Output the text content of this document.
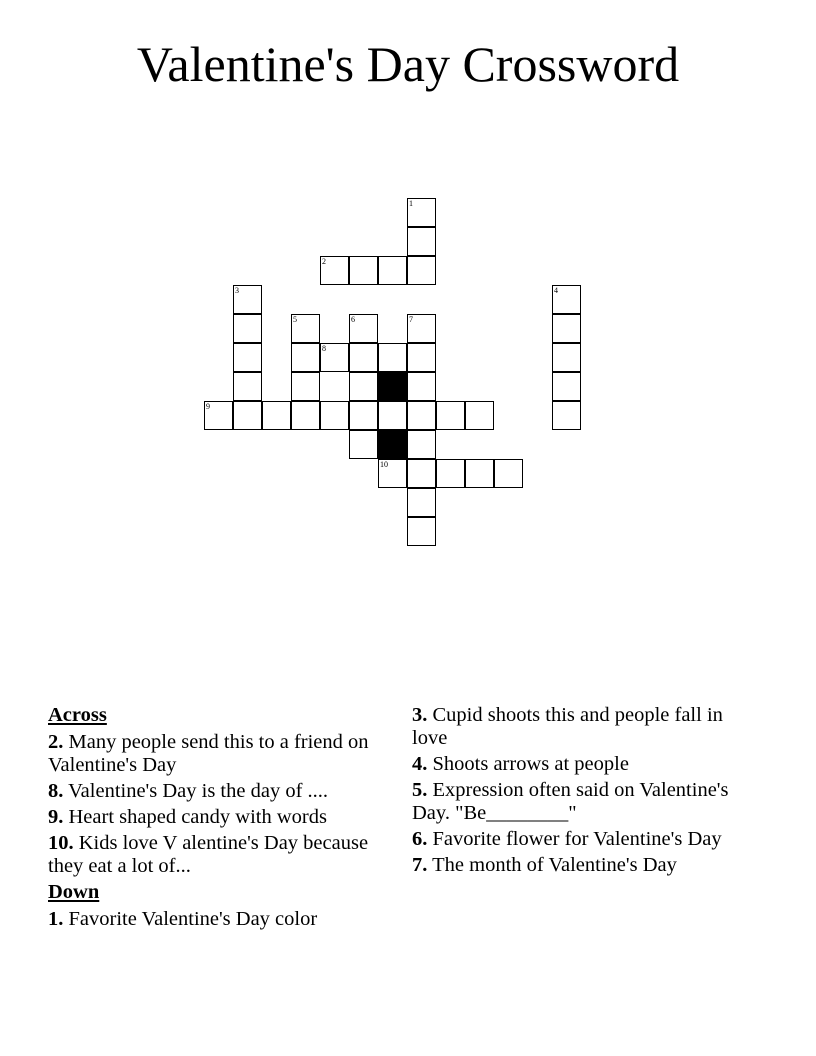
Valentine's Day Crossword
1
2
3	4
5	6	7
8
9
10
Across
2. Many people send this to a friend on Valentine's Day
8. Valentine's Day is the day of ....
9. Heart shaped candy with words
10. Kids love V alentine's Day because they eat a lot of...
Down
1. Favorite Valentine's Day color
3. Cupid shoots this and people fall in love
4. Shoots arrows at people
5. Expression often said on Valentine's Day. "Be________"
6. Favorite flower for Valentine's Day
7. The month of Valentine's Day
